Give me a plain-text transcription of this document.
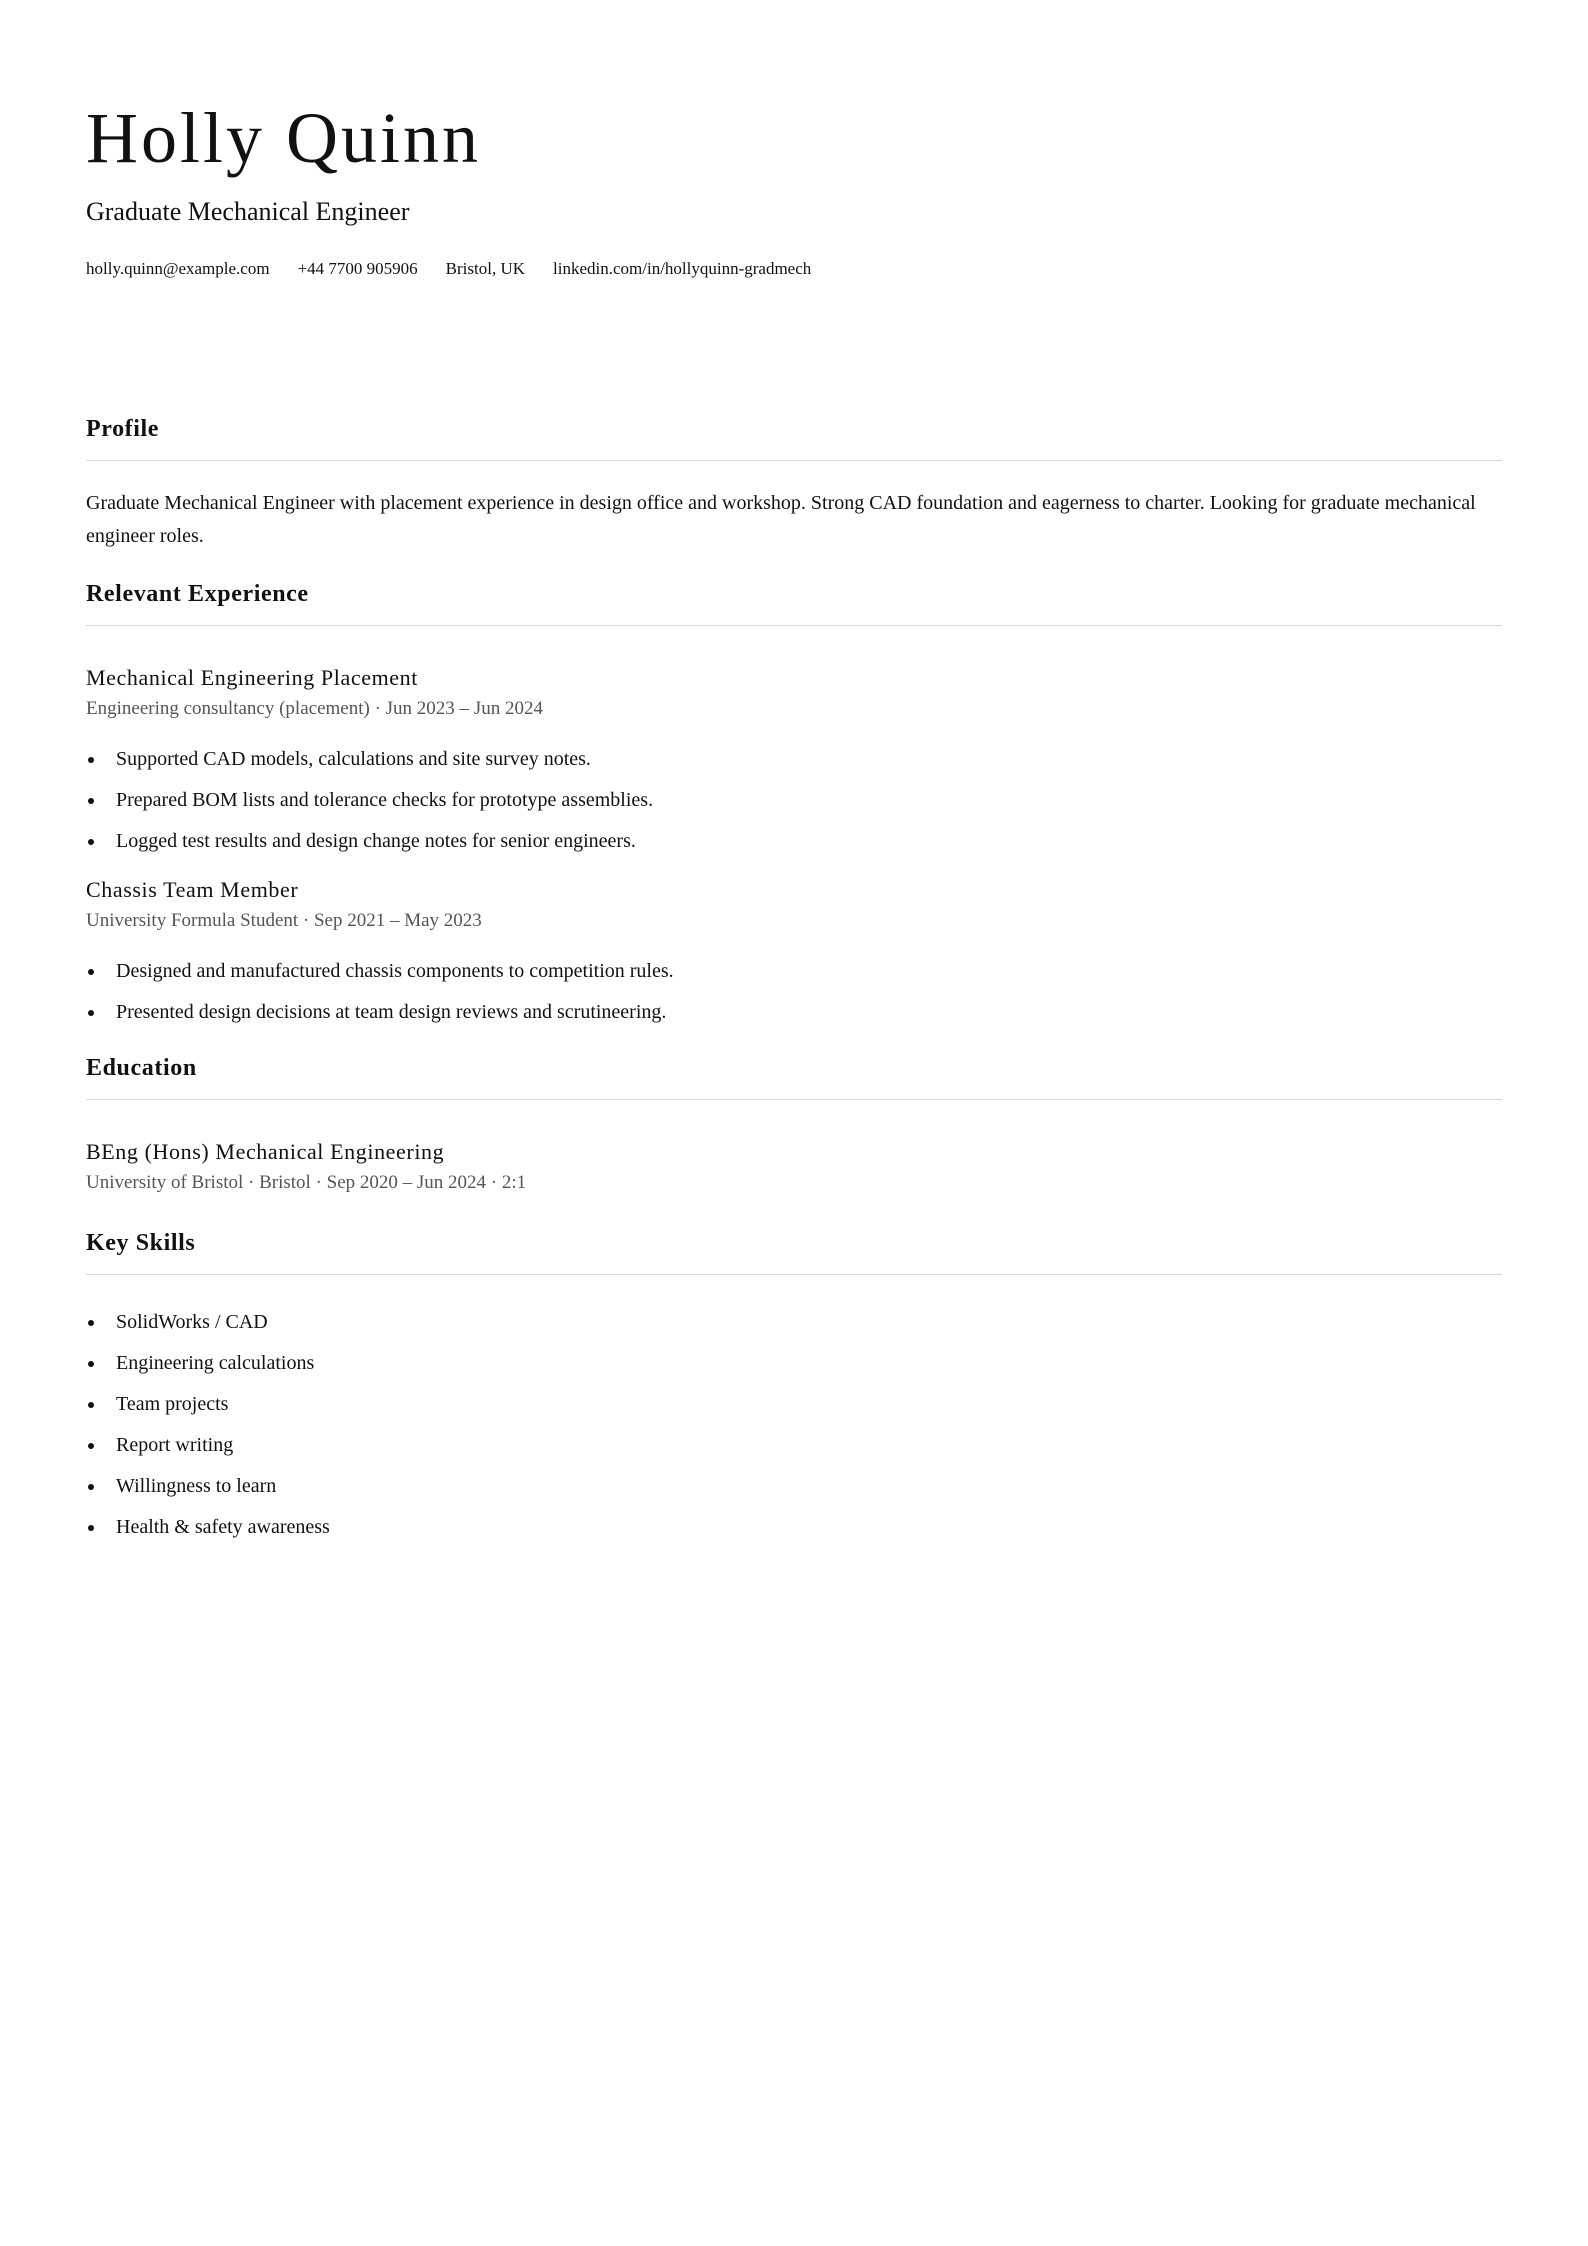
Holly Quinn
Graduate Mechanical Engineer
holly.quinn@example.com +44 7700 905906 Bristol, UK linkedin.com/in/hollyquinn-gradmech
Profile
Graduate Mechanical Engineer with placement experience in design office and workshop. Strong CAD foundation and eagerness to charter. Looking for graduate mechanical engineer roles.
Relevant Experience
Mechanical Engineering Placement
Engineering consultancy (placement) · Jun 2023 – Jun 2024
Supported CAD models, calculations and site survey notes.
Prepared BOM lists and tolerance checks for prototype assemblies.
Logged test results and design change notes for senior engineers.
Chassis Team Member
University Formula Student · Sep 2021 – May 2023
Designed and manufactured chassis components to competition rules.
Presented design decisions at team design reviews and scrutineering.
Education
BEng (Hons) Mechanical Engineering
University of Bristol · Bristol · Sep 2020 – Jun 2024 · 2:1
Key Skills
SolidWorks / CAD
Engineering calculations
Team projects
Report writing
Willingness to learn
Health & safety awareness
